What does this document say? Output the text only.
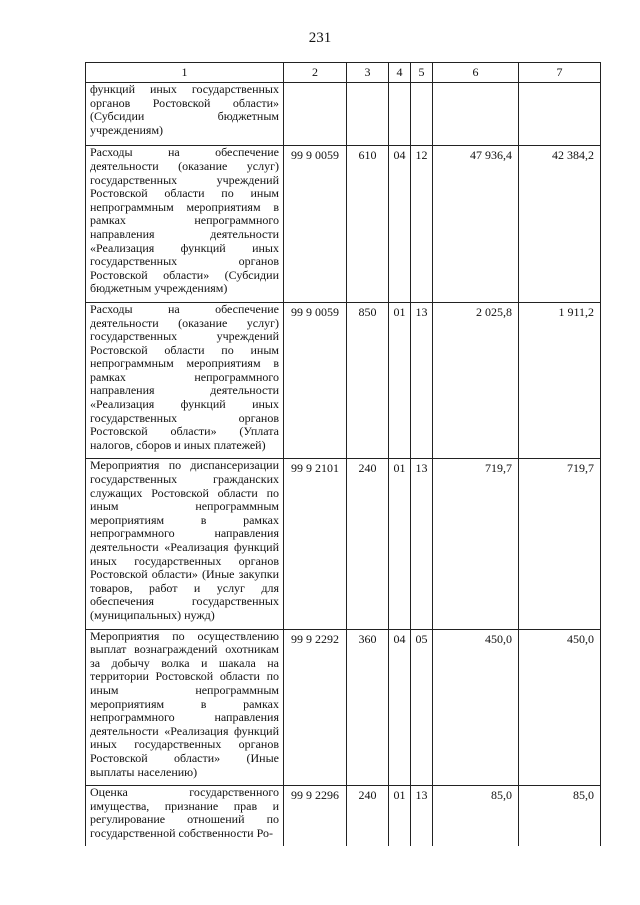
231
1	2	3	4	5	6	7
функций иных государственных органов Ростовской области» (Субсидии бюджетным учреждениям)						
Расходы на обеспечение деятельности (оказание услуг) государственных учреждений Ростовской области по иным непрограммным мероприятиям в рамках непрограммного направления деятельности «Реализация функций иных государственных органов Ростовской области» (Субсидии бюджетным учреждениям)	99 9 0059	610	04	12	47 936,4	42 384,2
Расходы на обеспечение деятельности (оказание услуг) государственных учреждений Ростовской области по иным непрограммным мероприятиям в рамках непрограммного направления деятельности «Реализация функций иных государственных органов Ростовской области» (Уплата налогов, сборов и иных платежей)	99 9 0059	850	01	13	2 025,8	1 911,2
Мероприятия по диспансеризации государственных гражданских служащих Ростовской области по иным непрограммным мероприятиям в рамках непрограммного направления деятельности «Реализация функций иных государственных органов Ростовской области» (Иные закупки товаров, работ и услуг для обеспечения государственных (муниципальных) нужд)	99 9 2101	240	01	13	719,7	719,7
Мероприятия по осуществлению выплат вознаграждений охотникам за добычу волка и шакала на территории Ростовской области по иным непрограммным мероприятиям в рамках непрограммного направления деятельности «Реализация функций иных государственных органов Ростовской области» (Иные выплаты населению)	99 9 2292	360	04	05	450,0	450,0
Оценка государственного имущества, признание прав и регулирование отношений по государственной собственности Ро-	99 9 2296	240	01	13	85,0	85,0
